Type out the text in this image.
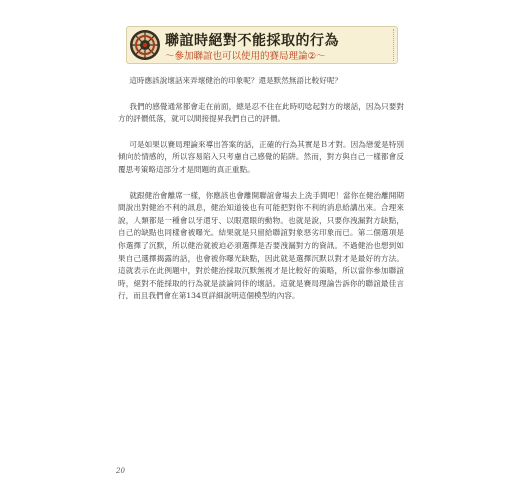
聯誼時絕對不能採取的行為
～參加聯誼也可以使用的賽局理論②～

這時應該說壞話來弄壞健治的印象呢？還是默然無語比較好呢？

我們的感覺通常都會走在前面，總是忍不住在此時叨唸起對方的壞話，因為只要對方的評價低落，就可以間接提昇我們自己的評價。

可是如果以賽局理論來導出答案的話，正確的行為其實是Ｂ才對。因為戀愛是特別傾向於情感的，所以容易陷入只考慮自己感覺的陷阱。然而，對方與自己一樣都會反覆思考策略這部分才是問題的真正重點。

就跟健治會離席一樣，你應該也會離開聯誼會場去上洗手間吧！當你在健治離開期間說出對健治不利的訊息，健治知道後也有可能把對你不利的消息給講出來。合理來說，人類都是一種會以牙還牙、以眼還眼的動物。也就是說，只要你洩漏對方缺點，自己的缺點也同樣會被曝光。結果就是只留給聯誼對象惡劣印象而已。第二個選項是你選擇了沉默，所以健治就被迫必須選擇是否要洩漏對方的資訊。不過健治也想到如果自己選擇揭露的話，也會被你曝光缺點，因此就是選擇沉默以對才是最好的方法。這就表示在此例題中，對於健治採取沉默無視才是比較好的策略，所以當你參加聯誼時，絕對不能採取的行為就是談論同伴的壞話。這就是賽局理論告訴你的聯誼最佳言行，而且我們會在第134頁詳細說明這個模型的內容。

20
